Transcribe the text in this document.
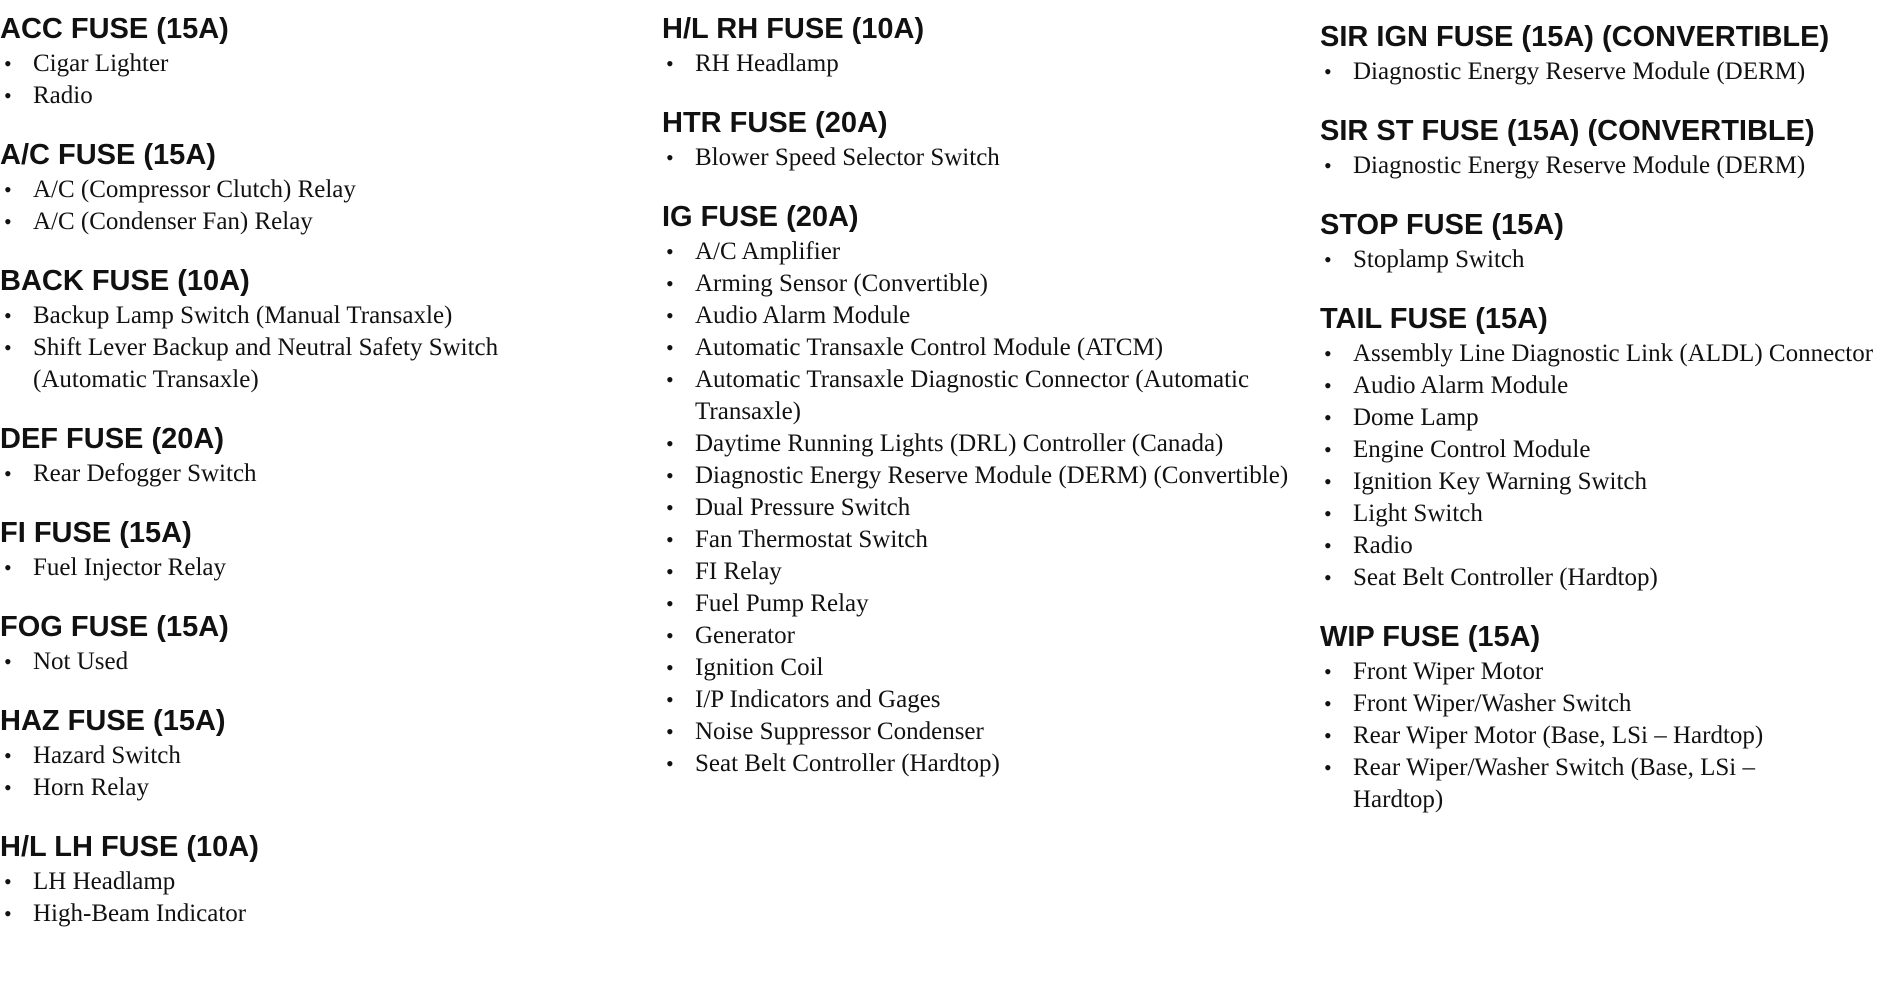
ACC FUSE (15A)
• Cigar Lighter
• Radio
A/C FUSE (15A)
• A/C (Compressor Clutch) Relay
• A/C (Condenser Fan) Relay
BACK FUSE (10A)
• Backup Lamp Switch (Manual Transaxle)
• Shift Lever Backup and Neutral Safety Switch (Automatic Transaxle)
DEF FUSE (20A)
• Rear Defogger Switch
FI FUSE (15A)
• Fuel Injector Relay
FOG FUSE (15A)
• Not Used
HAZ FUSE (15A)
• Hazard Switch
• Horn Relay
H/L LH FUSE (10A)
• LH Headlamp
• High-Beam Indicator
H/L RH FUSE (10A)
• RH Headlamp
HTR FUSE (20A)
• Blower Speed Selector Switch
IG FUSE (20A)
• A/C Amplifier
• Arming Sensor (Convertible)
• Audio Alarm Module
• Automatic Transaxle Control Module (ATCM)
• Automatic Transaxle Diagnostic Connector (Automatic Transaxle)
• Daytime Running Lights (DRL) Controller (Canada)
• Diagnostic Energy Reserve Module (DERM) (Convertible)
• Dual Pressure Switch
• Fan Thermostat Switch
• FI Relay
• Fuel Pump Relay
• Generator
• Ignition Coil
• I/P Indicators and Gages
• Noise Suppressor Condenser
• Seat Belt Controller (Hardtop)
SIR IGN FUSE (15A) (CONVERTIBLE)
• Diagnostic Energy Reserve Module (DERM)
SIR ST FUSE (15A) (CONVERTIBLE)
• Diagnostic Energy Reserve Module (DERM)
STOP FUSE (15A)
• Stoplamp Switch
TAIL FUSE (15A)
• Assembly Line Diagnostic Link (ALDL) Connector
• Audio Alarm Module
• Dome Lamp
• Engine Control Module
• Ignition Key Warning Switch
• Light Switch
• Radio
• Seat Belt Controller (Hardtop)
WIP FUSE (15A)
• Front Wiper Motor
• Front Wiper/Washer Switch
• Rear Wiper Motor (Base, LSi – Hardtop)
• Rear Wiper/Washer Switch (Base, LSi – Hardtop)
